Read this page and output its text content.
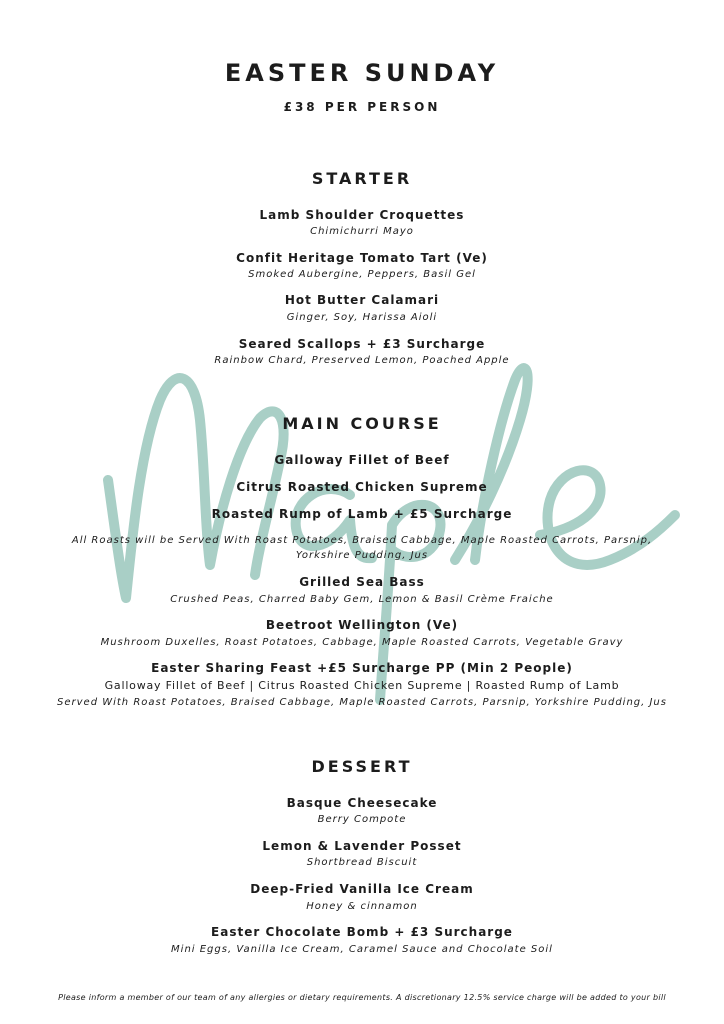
EASTER SUNDAY
£38 PER PERSON
STARTER
Lamb Shoulder Croquettes
Chimichurri Mayo
Confit Heritage Tomato Tart (Ve)
Smoked Aubergine, Peppers, Basil Gel
Hot Butter Calamari
Ginger, Soy, Harissa Aioli
Seared Scallops + £3 Surcharge
Rainbow Chard, Preserved Lemon, Poached Apple
MAIN COURSE
Galloway Fillet of Beef
Citrus Roasted Chicken Supreme
Roasted Rump of Lamb + £5 Surcharge
All Roasts will be Served With Roast Potatoes, Braised Cabbage, Maple Roasted Carrots, Parsnip,
Yorkshire Pudding, Jus
Grilled Sea Bass
Crushed Peas, Charred Baby Gem, Lemon & Basil Crème Fraiche
Beetroot Wellington (Ve)
Mushroom Duxelles, Roast Potatoes, Cabbage, Maple Roasted Carrots, Vegetable Gravy
Easter Sharing Feast +£5 Surcharge PP (Min 2 People)
Galloway Fillet of Beef | Citrus Roasted Chicken Supreme | Roasted Rump of Lamb
Served With Roast Potatoes, Braised Cabbage, Maple Roasted Carrots, Parsnip, Yorkshire Pudding, Jus
DESSERT
Basque Cheesecake
Berry Compote
Lemon & Lavender Posset
Shortbread Biscuit
Deep-Fried Vanilla Ice Cream
Honey & cinnamon
Easter Chocolate Bomb + £3 Surcharge
Mini Eggs, Vanilla Ice Cream, Caramel Sauce and Chocolate Soil
Please inform a member of our team of any allergies or dietary requirements. A discretionary 12.5% service charge will be added to your bill
